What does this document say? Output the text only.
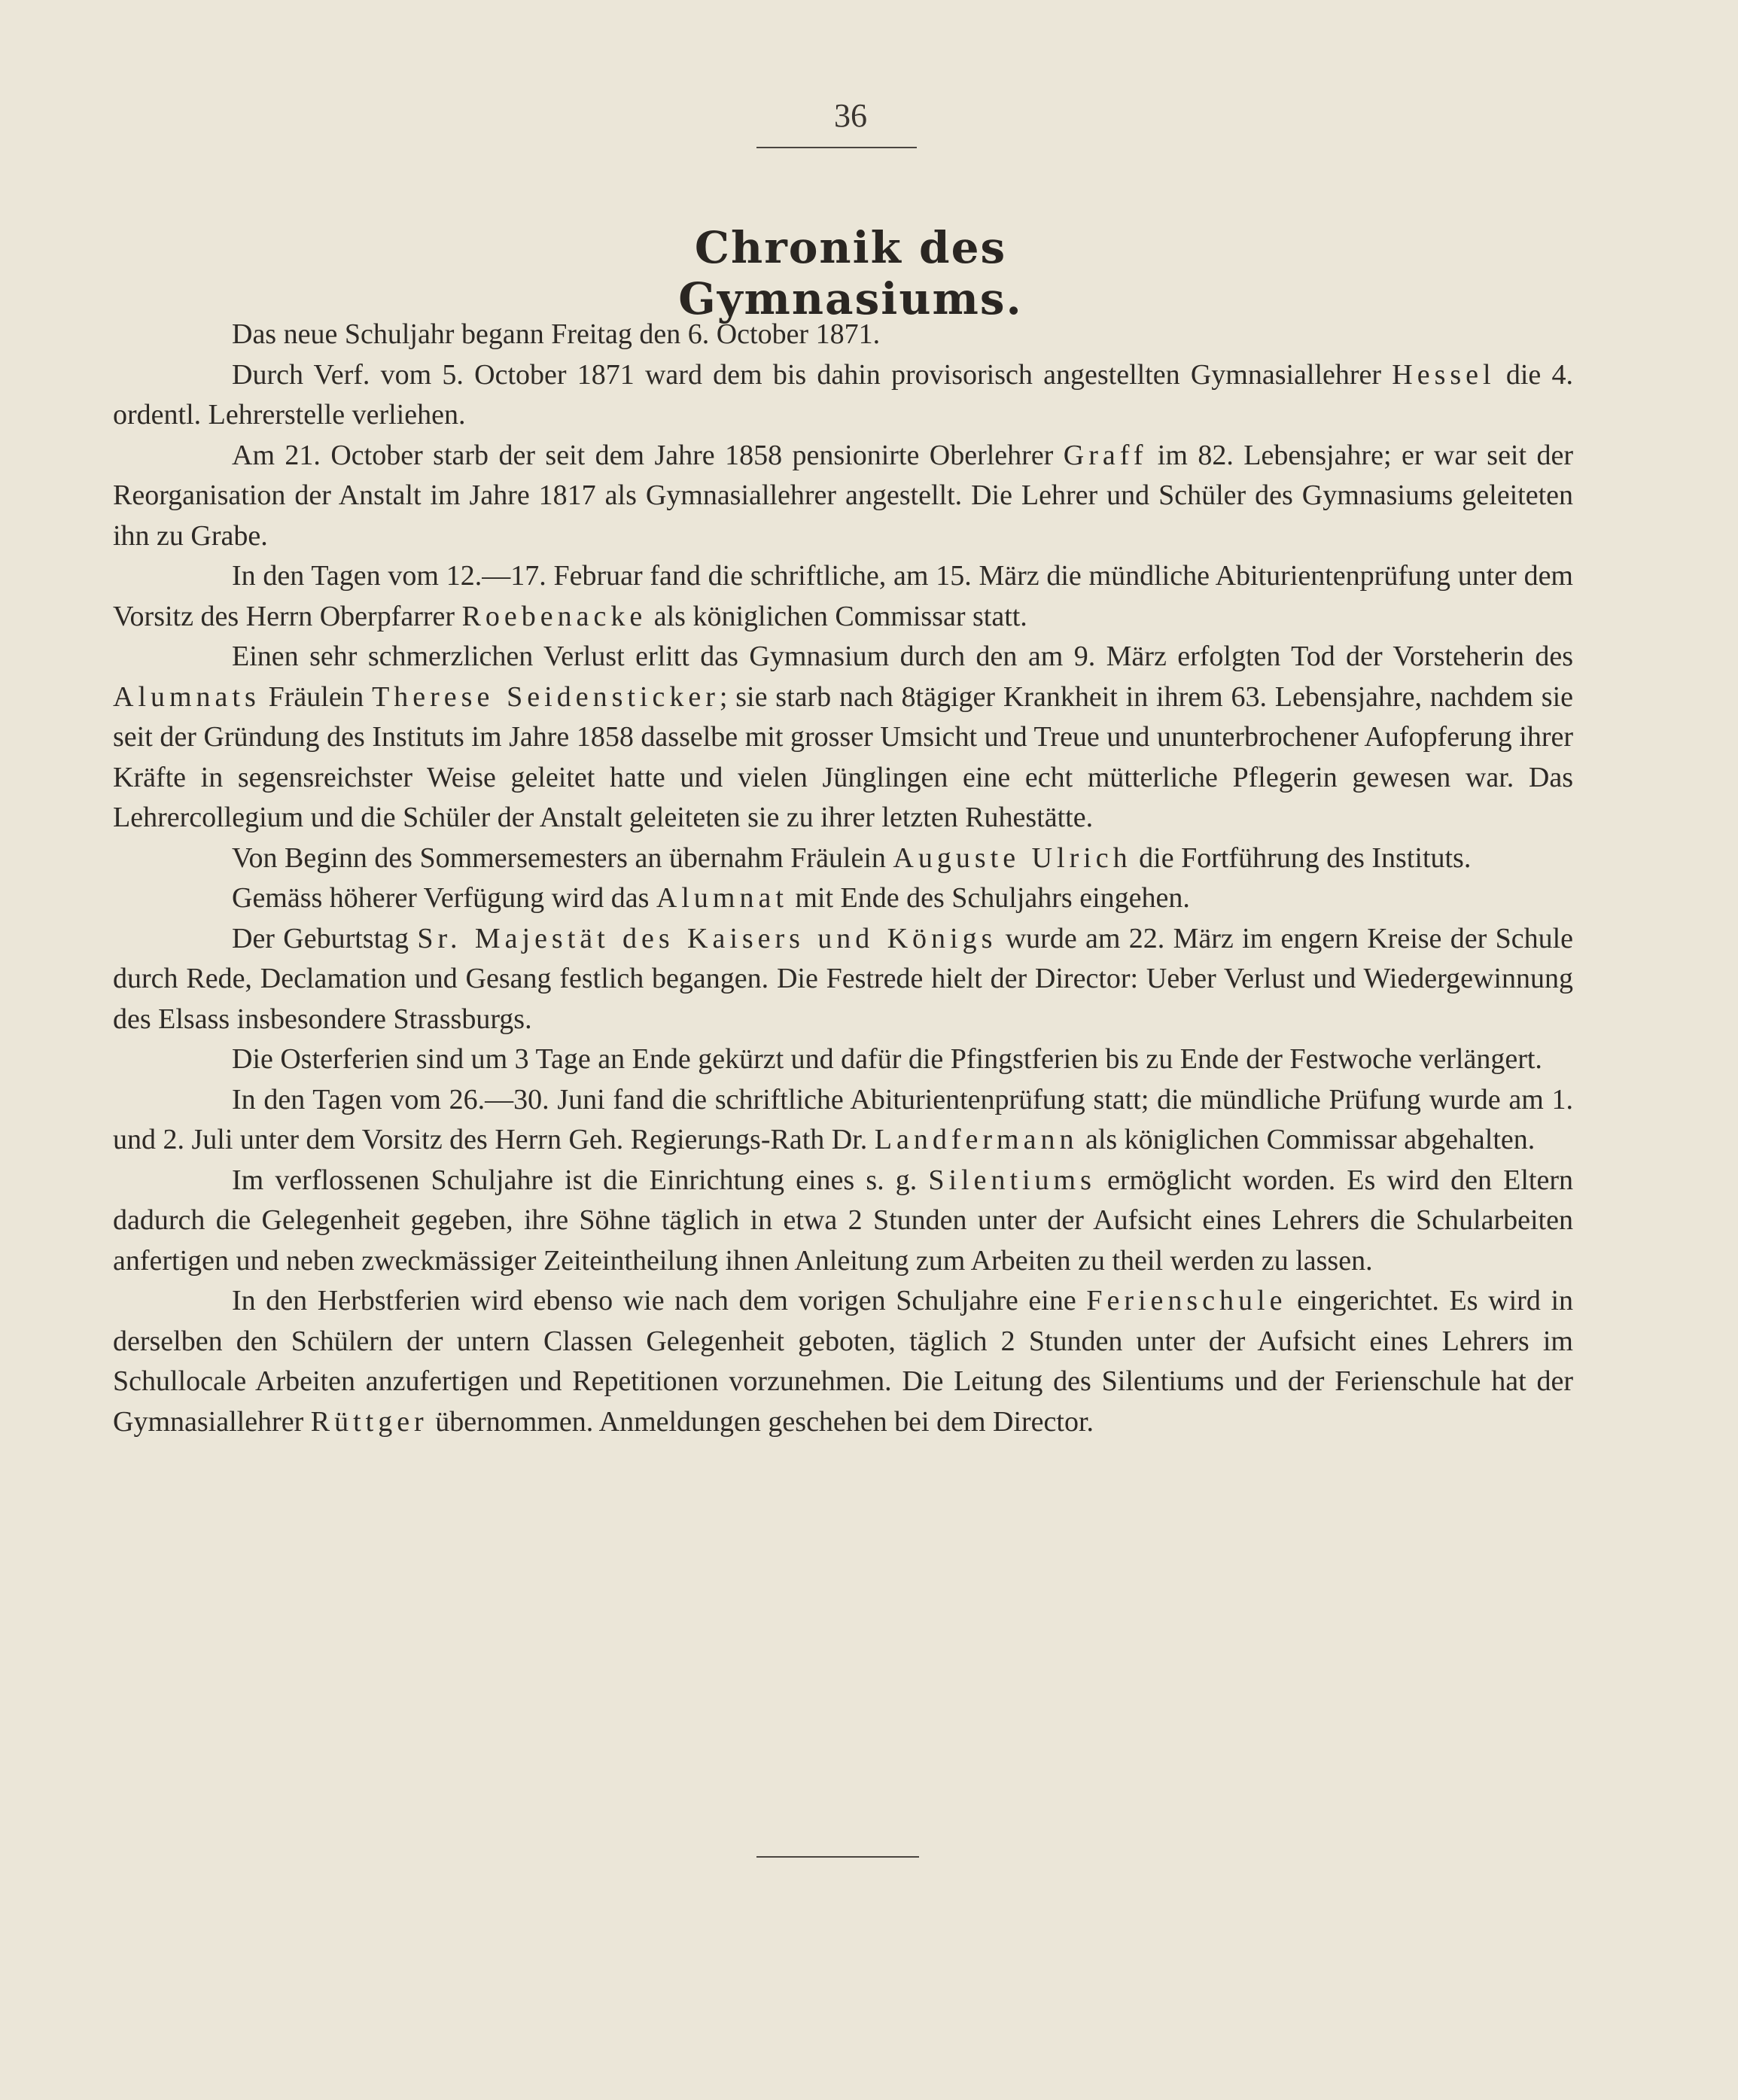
36
Chronik des Gymnasiums.

Das neue Schuljahr begann Freitag den 6. October 1871.

Durch Verf. vom 5. October 1871 ward dem bis dahin provisorisch angestellten Gymnasiallehrer Hessel die 4. ordentl. Lehrerstelle verliehen.

Am 21. October starb der seit dem Jahre 1858 pensionirte Oberlehrer Graff im 82. Lebensjahre; er war seit der Reorganisation der Anstalt im Jahre 1817 als Gymnasiallehrer angestellt. Die Lehrer und Schüler des Gymnasiums geleiteten ihn zu Grabe.

In den Tagen vom 12.—17. Februar fand die schriftliche, am 15. März die mündliche Abiturientenprüfung unter dem Vorsitz des Herrn Oberpfarrer Roebenacke als königlichen Commissar statt.

Einen sehr schmerzlichen Verlust erlitt das Gymnasium durch den am 9. März erfolgten Tod der Vorsteherin des Alumnats Fräulein Therese Seidensticker; sie starb nach 8tägiger Krankheit in ihrem 63. Lebensjahre, nachdem sie seit der Gründung des Instituts im Jahre 1858 dasselbe mit grosser Umsicht und Treue und ununterbrochener Aufopferung ihrer Kräfte in segensreichster Weise geleitet hatte und vielen Jünglingen eine echt mütterliche Pflegerin gewesen war. Das Lehrercollegium und die Schüler der Anstalt geleiteten sie zu ihrer letzten Ruhestätte.

Von Beginn des Sommersemesters an übernahm Fräulein Auguste Ulrich die Fortführung des Instituts.

Gemäss höherer Verfügung wird das Alumnat mit Ende des Schuljahrs eingehen.

Der Geburtstag Sr. Majestät des Kaisers und Königs wurde am 22. März im engern Kreise der Schule durch Rede, Declamation und Gesang festlich begangen. Die Festrede hielt der Director: Ueber Verlust und Wiedergewinnung des Elsass insbesondere Strassburgs.

Die Osterferien sind um 3 Tage an Ende gekürzt und dafür die Pfingstferien bis zu Ende der Festwoche verlängert.

In den Tagen vom 26.—30. Juni fand die schriftliche Abiturientenprüfung statt; die mündliche Prüfung wurde am 1. und 2. Juli unter dem Vorsitz des Herrn Geh. Regierungs-Rath Dr. Landfermann als königlichen Commissar abgehalten.

Im verflossenen Schuljahre ist die Einrichtung eines s. g. Silentiums ermöglicht worden. Es wird den Eltern dadurch die Gelegenheit gegeben, ihre Söhne täglich in etwa 2 Stunden unter der Aufsicht eines Lehrers die Schularbeiten anfertigen und neben zweckmässiger Zeiteintheilung ihnen Anleitung zum Arbeiten zu theil werden zu lassen.

In den Herbstferien wird ebenso wie nach dem vorigen Schuljahre eine Ferienschule eingerichtet. Es wird in derselben den Schülern der untern Classen Gelegenheit geboten, täglich 2 Stunden unter der Aufsicht eines Lehrers im Schullocale Arbeiten anzufertigen und Repetitionen vorzunehmen. Die Leitung des Silentiums und der Ferienschule hat der Gymnasiallehrer Rüttger übernommen. Anmeldungen geschehen bei dem Director.
